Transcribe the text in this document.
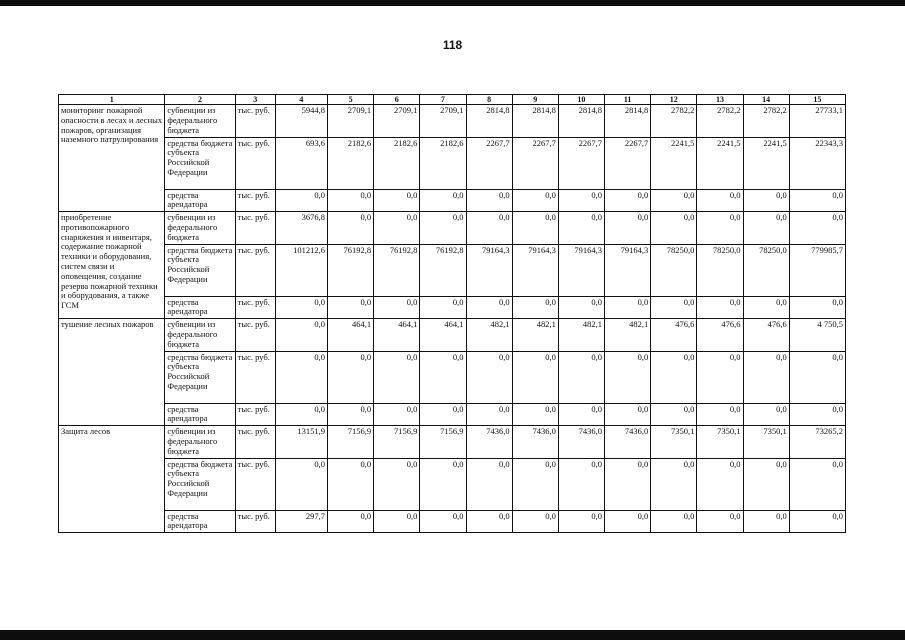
118
1	2	3	4	5	6	7	8	9	10	11	12	13	14	15
мониторинг пожарной опасности в лесах и лесных пожаров, организация наземного патрулирования	субвенции из федерального бюджета	тыс. руб.	5944,8	2709,1	2709,1	2709,1	2814,8	2814,8	2814,8	2814,8	2782,2	2782,2	2782,2	27733,1
	средства бюджета субъекта Российской Федерации	тыс. руб.	693,6	2182,6	2182,6	2182,6	2267,7	2267,7	2267,7	2267,7	2241,5	2241,5	2241,5	22343,3
	средства арендатора	тыс. руб.	0,0	0,0	0,0	0,0	0,0	0,0	0,0	0,0	0,0	0,0	0,0	0,0
приобретение противопожарного снаряжения и инвентаря, содержание пожарной техники и оборудования, систем связи и оповещения, создание резерва пожарной техники и оборудования, а также ГСМ	субвенции из федерального бюджета	тыс. руб.	3676,8	0,0	0,0	0,0	0,0	0,0	0,0	0,0	0,0	0,0	0,0	0,0
	средства бюджета субъекта Российской Федерации	тыс. руб.	101212,6	76192,8	76192,8	76192,8	79164,3	79164,3	79164,3	79164,3	78250,0	78250,0	78250,0	779985,7
	средства арендатора	тыс. руб.	0,0	0,0	0,0	0,0	0,0	0,0	0,0	0,0	0,0	0,0	0,0	0,0
тушение лесных пожаров	субвенции из федерального бюджета	тыс. руб.	0,0	464,1	464,1	464,1	482,1	482,1	482,1	482,1	476,6	476,6	476,6	4 750,5
	средства бюджета субъекта Российской Федерации	тыс. руб.	0,0	0,0	0,0	0,0	0,0	0,0	0,0	0,0	0,0	0,0	0,0	0,0
	средства арендатора	тыс. руб.	0,0	0,0	0,0	0,0	0,0	0,0	0,0	0,0	0,0	0,0	0,0	0,0
Защита лесов	субвенции из федерального бюджета	тыс. руб.	13151,9	7156,9	7156,9	7156,9	7436,0	7436,0	7436,0	7436,0	7350,1	7350,1	7350,1	73265,2
	средства бюджета субъекта Российской Федерации	тыс. руб.	0,0	0,0	0,0	0,0	0,0	0,0	0,0	0,0	0,0	0,0	0,0	0,0
	средства арендатора	тыс. руб.	297,7	0,0	0,0	0,0	0,0	0,0	0,0	0,0	0,0	0,0	0,0	0,0
